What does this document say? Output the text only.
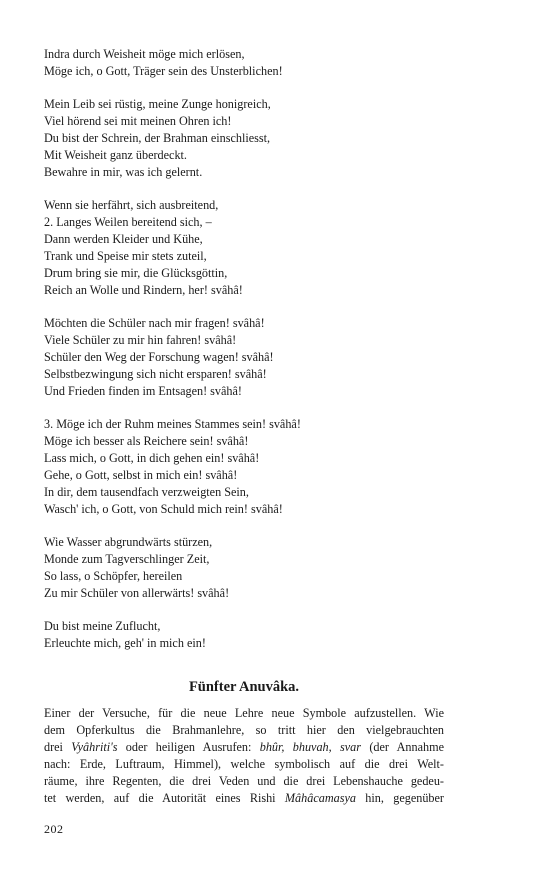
Indra durch Weisheit möge mich erlösen,
Möge ich, o Gott, Träger sein des Unsterblichen!
Mein Leib sei rüstig, meine Zunge honigreich,
Viel hörend sei mit meinen Ohren ich!
Du bist der Schrein, der Brahman einschliesst,
Mit Weisheit ganz überdeckt.
Bewahre in mir, was ich gelernt.
Wenn sie herfährt, sich ausbreitend,
2. Langes Weilen bereitend sich, –
Dann werden Kleider und Kühe,
Trank und Speise mir stets zuteil,
Drum bring sie mir, die Glücksgöttin,
Reich an Wolle und Rindern, her! svâhâ!
Möchten die Schüler nach mir fragen! svâhâ!
Viele Schüler zu mir hin fahren! svâhâ!
Schüler den Weg der Forschung wagen! svâhâ!
Selbstbezwingung sich nicht ersparen! svâhâ!
Und Frieden finden im Entsagen! svâhâ!
3. Möge ich der Ruhm meines Stammes sein! svâhâ!
Möge ich besser als Reichere sein! svâhâ!
Lass mich, o Gott, in dich gehen ein! svâhâ!
Gehe, o Gott, selbst in mich ein! svâhâ!
In dir, dem tausendfach verzweigten Sein,
Wasch' ich, o Gott, von Schuld mich rein! svâhâ!
Wie Wasser abgrundwärts stürzen,
Monde zum Tagverschlinger Zeit,
So lass, o Schöpfer, hereilen
Zu mir Schüler von allerwärts! svâhâ!
Du bist meine Zuflucht,
Erleuchte mich, geh' in mich ein!
Fünfter Anuvâka.
Einer der Versuche, für die neue Lehre neue Symbole aufzustellen. Wie
dem Opferkultus die Brahmanlehre, so tritt hier den vielgebrauchten
drei Vyâhriti's oder heiligen Ausrufen: bhûr, bhuvah, svar (der Annahme
nach: Erde, Luftraum, Himmel), welche symbolisch auf die drei Welt-
räume, ihre Regenten, die drei Veden und die drei Lebenshauche gedeu-
tet werden, auf die Autorität eines Rishi Mâhâcamasya hin, gegenüber
202
